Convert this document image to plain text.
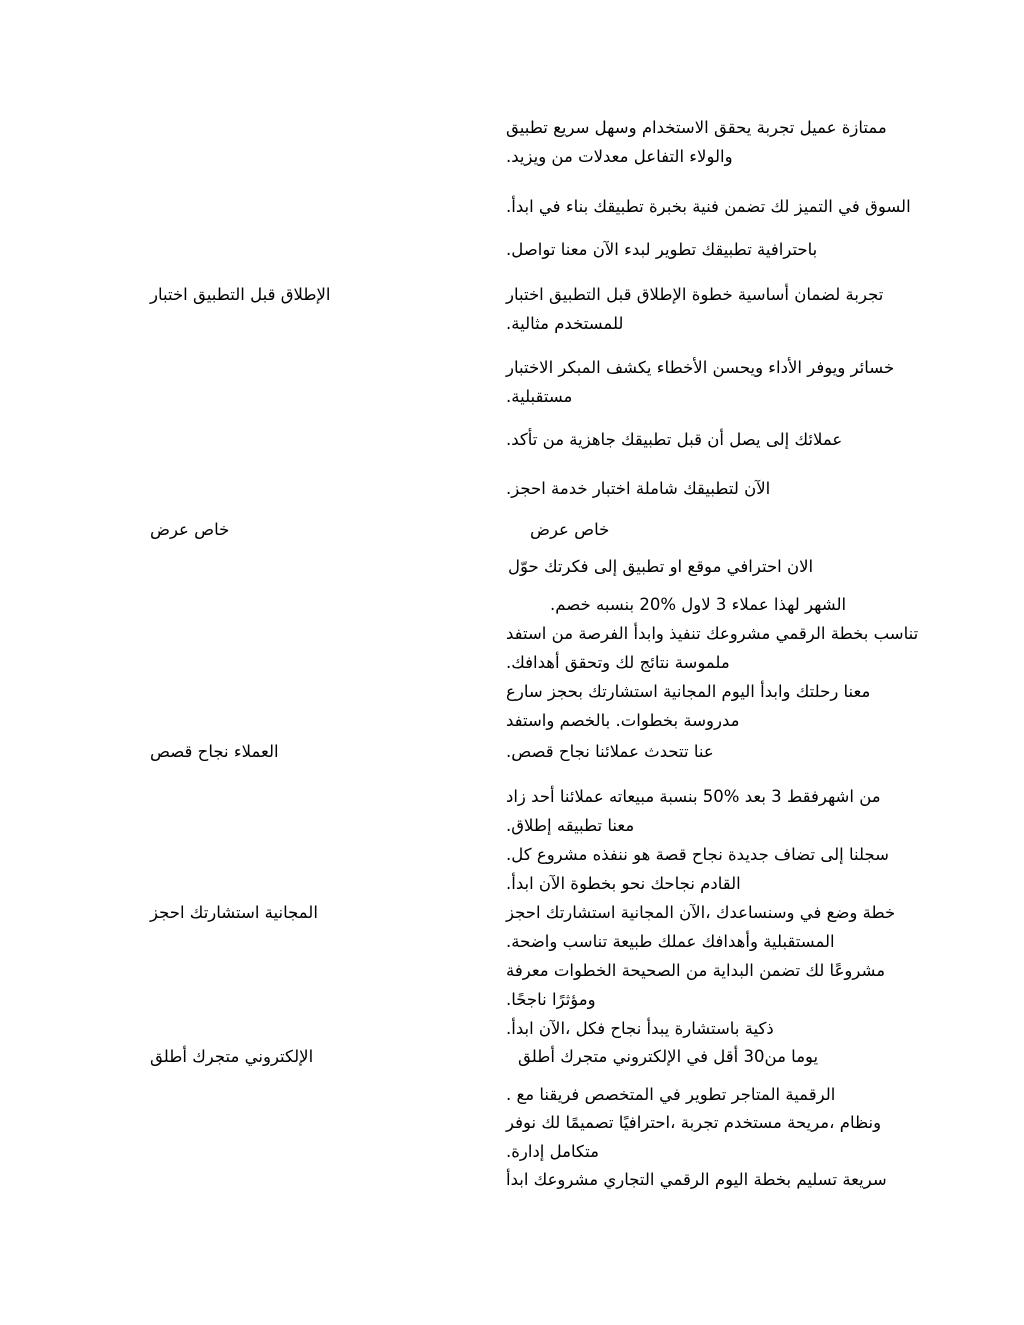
اختبار‎ التطبيق‎ قبل‎ الإطلاق
عرض‎ خاص
قصص‎ نجاح‎ العملاء
احجز‎ استشارتك‎ المجانية
أطلق‎ متجرك‎ الإلكتروني
تطبيق‎ سريع‎ وسهل‎ الاستخدام‎ يحقق‎ تجربة‎ عميل‎ ممتازة
.ويزيد‎ من‎ معدلات‎ التفاعل‎ والولاء
.ابدأ‎ في‎ بناء‎ تطبيقك‎ بخبرة‎ فنية‎ تضمن‎ لك‎ التميز‎ في‎ السوق
.تواصل‎ معنا‎ الآن‎ لبدء‎ تطوير‎ تطبيقك‎ باحترافية
اختبار‎ التطبيق‎ قبل‎ الإطلاق‎ خطوة‎ أساسية‎ لضمان‎ تجربة
.مثالية‎ للمستخدم
الاختبار‎ المبكر‎ يكشف‎ الأخطاء‎ ويحسن‎ الأداء‎ ويوفر‎ خسائر
.مستقبلية
.تأكد‎ من‎ جاهزية‎ تطبيقك‎ قبل‎ أن‎ يصل‎ إلى‎ عملائك
.احجز‎ خدمة‎ اختبار‎ شاملة‎ لتطبيقك‎ الآن
عرض‎ خاص
حوّل‎ فكرتك‎ إلى‎ تطبيق‎ او‎ موقع‎ احترافي‎ الان
.خصم‎ بنسبه‎ 20%‎ لاول‎ 3‎ عملاء‎ لهذا‎ الشهر
استفد‎ من‎ الفرصة‎ وابدأ‎ تنفيذ‎ مشروعك‎ الرقمي‎ بخطة‎ تناسب
.أهدافك‎ وتحقق‎ لك‎ نتائج‎ ملموسة
سارع‎ بحجز‎ استشارتك‎ المجانية‎ اليوم‎ وابدأ‎ رحلتك‎ معنا
واستفد‎ بالخصم‎ .بخطوات‎ مدروسة
.قصص‎ نجاح‎ عملائنا‎ تتحدث‎ عنا
زاد‎ أحد‎ عملائنا‎ مبيعاته‎ بنسبة‎ 50%‎ بعد‎ 3‎ اشهرفقط‎ من
.إطلاق‎ تطبيقه‎ معنا
.كل‎ مشروع‎ ننفذه‎ هو‎ قصة‎ نجاح‎ جديدة‎ تضاف‎ إلى‎ سجلنا
.ابدأ‎ الآن‎ بخطوة‎ نحو‎ نجاحك‎ القادم
احجز‎ استشارتك‎ المجانية‎ الآن،‎ وسنساعدك‎ في‎ وضع‎ خطة
.واضحة‎ تناسب‎ طبيعة‎ عملك‎ وأهدافك‎ المستقبلية
معرفة‎ الخطوات‎ الصحيحة‎ من‎ البداية‎ تضمن‎ لك‎ مشروعًا
.ناجحًا‎ ومؤثرًا
.ابدأ‎ الآن،‎ فكل‎ نجاح‎ يبدأ‎ باستشارة‎ ذكية
أطلق‎ متجرك‎ الإلكتروني‎ في‎ أقل‎ من30‎ يوما
.‎ مع‎ فريقنا‎ المتخصص‎ في‎ تطوير‎ المتاجر‎ الرقمية
نوفر‎ لك‎ تصميمًا‎ احترافيًا،‎ تجربة‎ مستخدم‎ مريحة،‎ ونظام
.إدارة‎ متكامل
ابدأ‎ مشروعك‎ التجاري‎ الرقمي‎ اليوم‎ بخطة‎ تسليم‎ سريعة
